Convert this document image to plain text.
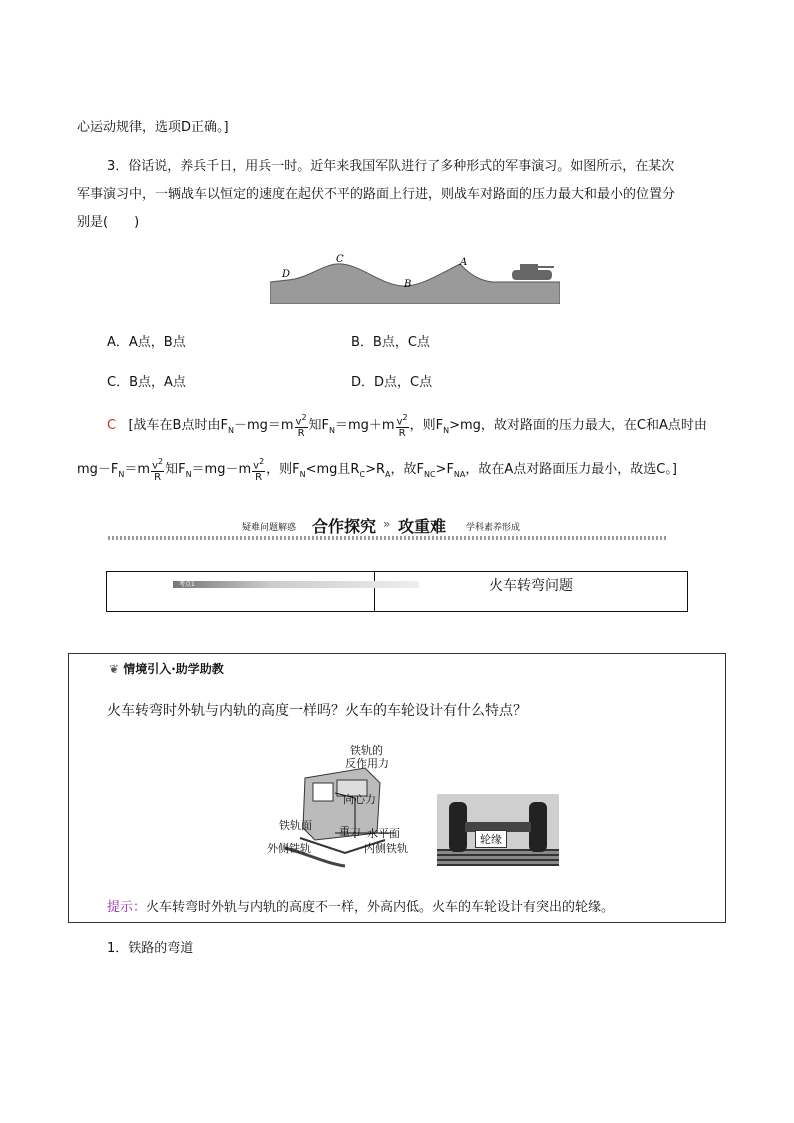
心运动规律，选项D正确。]
3．俗话说，养兵千日，用兵一时。近年来我国军队进行了多种形式的军事演习。如图所示，在某次
军事演习中，一辆战车以恒定的速度在起伏不平的路面上行进，则战车对路面的压力最大和最小的位置分
别是(　　)
D
C
B
A
A．A点，B点	B．B点，C点
C．B点，A点	D．D点，C点
C [战车在B点时由$F_N-mg=m \frac{v^2}{R}$ 知$F_N=mg+m \frac{v^2}{R}$ ，则$F_N>mg$，故对路面的压力最大，在C和A点时由
$mg-F_N=m \frac{v^2}{R}$ 知$F_N=mg-m \frac{v^2}{R}$ ，则$F_N<mg$且$R_C>R_A$，故$F_{NC}>F_{NA}$，故在A点对路面压力最小，故选C。]
疑难问题解惑 合作探究 » 攻重难 学科素养形成
考点1	火车转弯问题
❦ 情境引入·助学助教
火车转弯时外轨与内轨的高度一样吗？火车的车轮设计有什么特点？
铁轨的
反作用力
向心力
铁轨面 重力 水平面
外侧铁轨	内侧铁轨
轮缘
提示：火车转弯时外轨与内轨的高度不一样，外高内低。火车的车轮设计有突出的轮缘。
1．铁路的弯道
